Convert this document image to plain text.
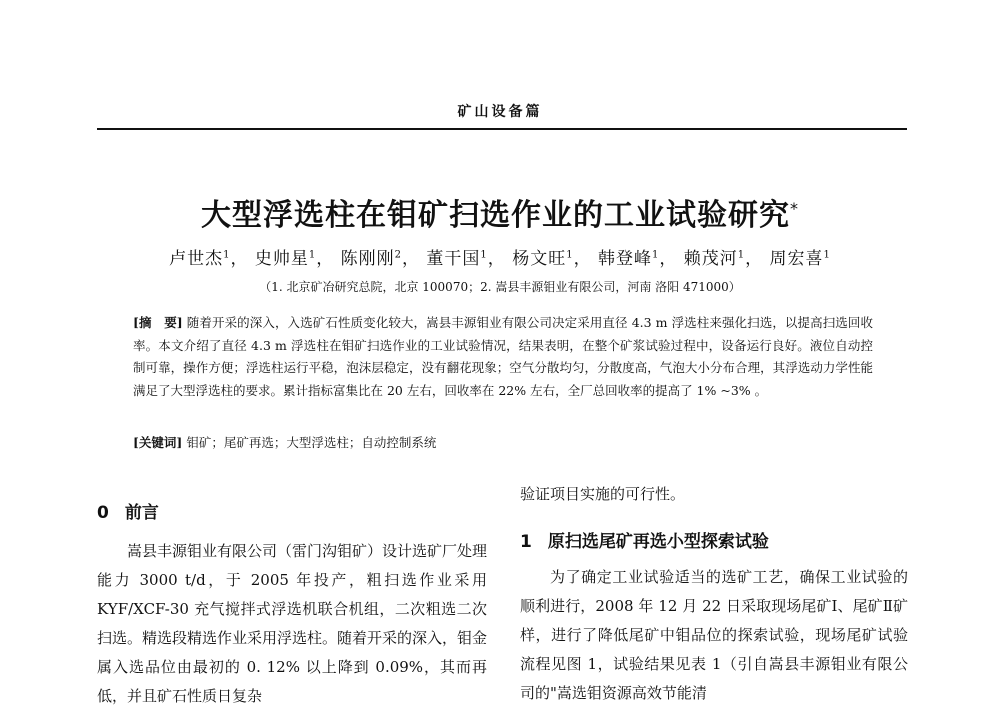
矿山设备篇
大型浮选柱在钼矿扫选作业的工业试验研究*
卢世杰$^1$， 史帅星$^1$， 陈刚刚$^2$， 董干国$^1$， 杨文旺$^1$， 韩登峰$^1$， 赖茂河$^1$， 周宏喜$^1$
（1. 北京矿冶研究总院，北京 100070；2. 嵩县丰源钼业有限公司，河南 洛阳 471000）
[摘　要] 随着开采的深入，入选矿石性质变化较大，嵩县丰源钼业有限公司决定采用直径 4.3 m 浮选柱来强化扫选，以提高扫选回收率。本文介绍了直径 4.3 m 浮选柱在钼矿扫选作业的工业试验情况，结果表明，在整个矿浆试验过程中，设备运行良好。液位自动控制可靠，操作方便；浮选柱运行平稳，泡沫层稳定，没有翻花现象；空气分散均匀，分散度高，气泡大小分布合理，其浮选动力学性能满足了大型浮选柱的要求。累计指标富集比在 20 左右，回收率在 22% 左右，全厂总回收率的提高了 1% ~3% 。
[关键词] 钼矿；尾矿再选；大型浮选柱；自动控制系统
0 前言

嵩县丰源钼业有限公司（雷门沟钼矿）设计选矿厂处理能力 3000 t/d，于 2005 年投产，粗扫选作业采用 KYF/XCF-30 充气搅拌式浮选机联合机组，二次粗选二次扫选。精选段精选作业采用浮选柱。随着开采的深入，钼金属入选品位由最初的 0. 12% 以上降到 0.09%，其而再低，并且矿石性质日复杂

验证项目实施的可行性。
1 原扫选尾矿再选小型探索试验

为了确定工业试验适当的选矿工艺，确保工业试验的顺利进行，2008 年 12 月 22 日采取现场尾矿Ⅰ、尾矿Ⅱ矿样，进行了降低尾矿中钼品位的探索试验，现场尾矿试验流程见图 1，试验结果见表 1（引自嵩县丰源钼业有限公司的"嵩选钼资源高效节能清
